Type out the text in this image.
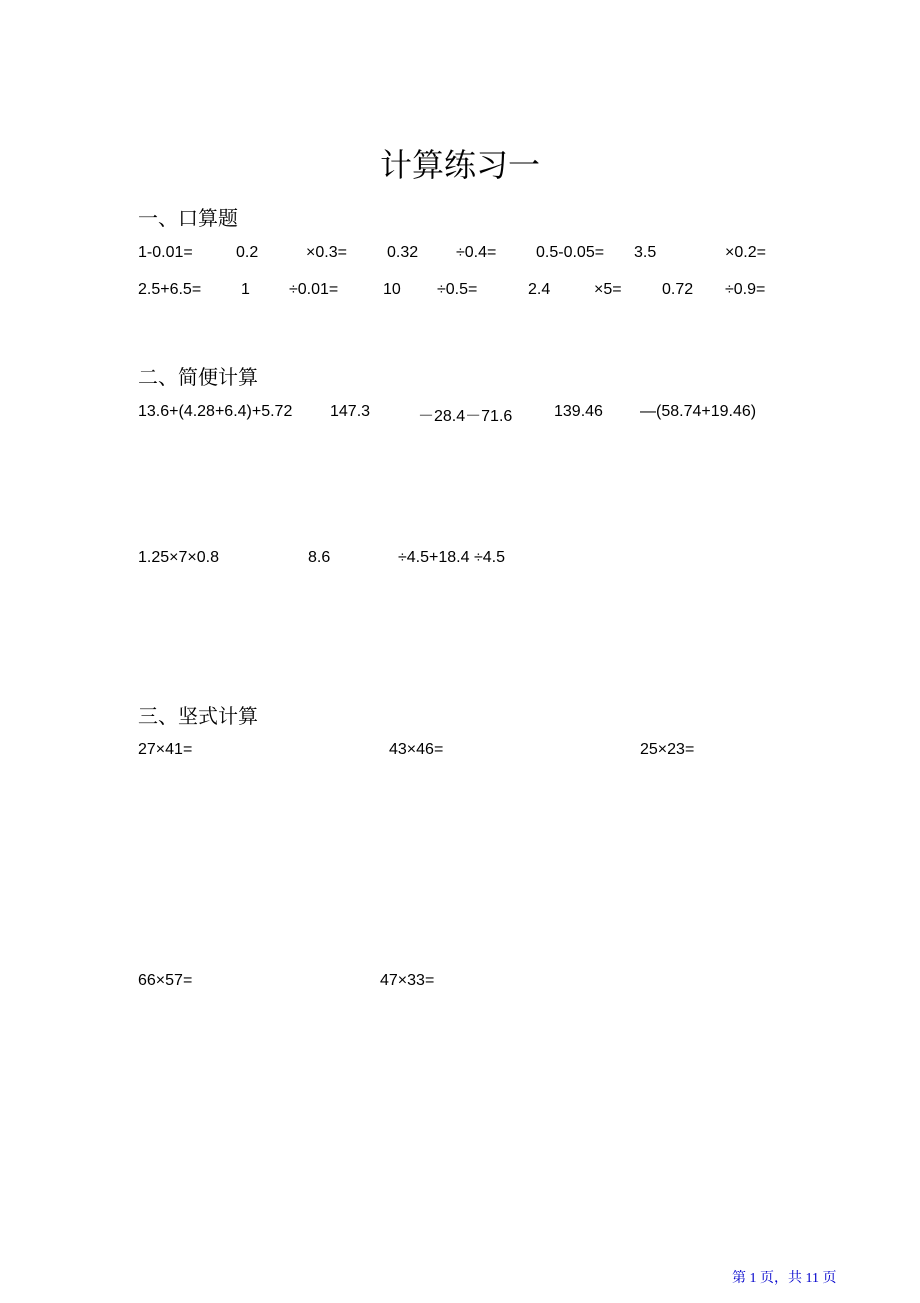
计算练习一
一、口算题
1-0.01=	0.2	×0.3=	0.32 ÷0.4= 0.5-0.05= 3.5	×0.2=
2.5+6.5= 1 ÷0.01=	10 ÷0.5=	2.4	×5=	0.72 ÷0.9=
二、简便计算
13.6+(4.28+6.4)+5.72 147.3	－28.4－71.6	139.46 —(58.74+19.46)
1.25×7×0.8	8.6	÷4.5+18.4 ÷4.5
三、坚式计算
27×41=	43×46=	25×23=
66×57=	47×33=
第 1 页，共 11 页
